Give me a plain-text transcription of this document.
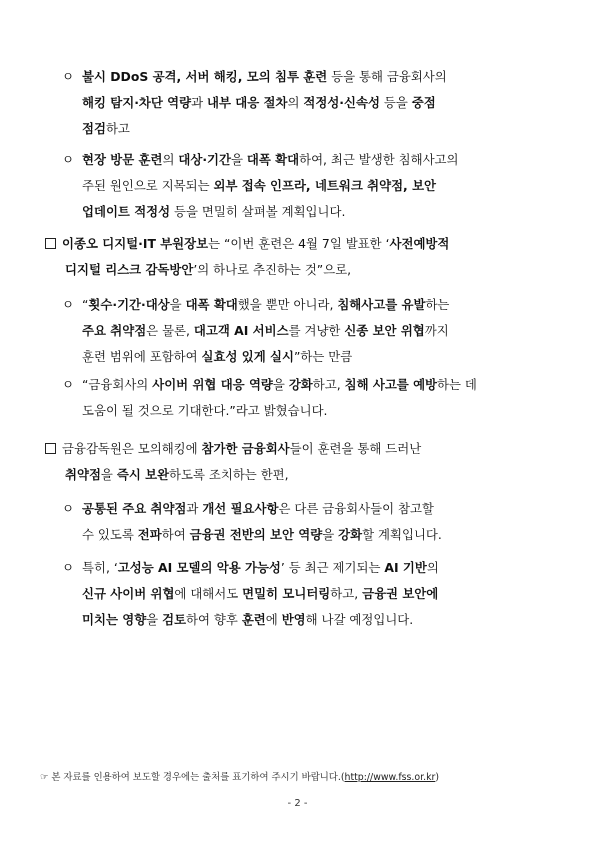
ㅇ 불시 DDoS 공격, 서버 해킹, 모의 침투 훈련 등을 통해 금융회사의
해킹 탐지·차단 역량과 내부 대응 절차의 적정성·신속성 등을 중점
점검하고
ㅇ 현장 방문 훈련의 대상·기간을 대폭 확대하여, 최근 발생한 침해사고의
주된 원인으로 지목되는 외부 접속 인프라, 네트워크 취약점, 보안
업데이트 적정성 등을 면밀히 살펴볼 계획입니다.
이종오 디지털·IT 부원장보는 “이번 훈련은 4월 7일 발표한 ‘사전예방적
디지털 리스크 감독방안’의 하나로 추진하는 것”으로,
ㅇ “횟수·기간·대상을 대폭 확대했을 뿐만 아니라, 침해사고를 유발하는
주요 취약점은 물론, 대고객 AI 서비스를 겨냥한 신종 보안 위협까지
훈련 범위에 포함하여 실효성 있게 실시”하는 만큼
ㅇ “금융회사의 사이버 위협 대응 역량을 강화하고, 침해 사고를 예방하는 데
도움이 될 것으로 기대한다.”라고 밝혔습니다.
금융감독원은 모의해킹에 참가한 금융회사들이 훈련을 통해 드러난
취약점을 즉시 보완하도록 조치하는 한편,
ㅇ 공통된 주요 취약점과 개선 필요사항은 다른 금융회사들이 참고할
수 있도록 전파하여 금융권 전반의 보안 역량을 강화할 계획입니다.
ㅇ 특히, ‘고성능 AI 모델의 악용 가능성’ 등 최근 제기되는 AI 기반의
신규 사이버 위협에 대해서도 면밀히 모니터링하고, 금융권 보안에
미치는 영향을 검토하여 향후 훈련에 반영해 나갈 예정입니다.
☞ 본 자료를 인용하여 보도할 경우에는 출처를 표기하여 주시기 바랍니다.(http://www.fss.or.kr)
- 2 -
